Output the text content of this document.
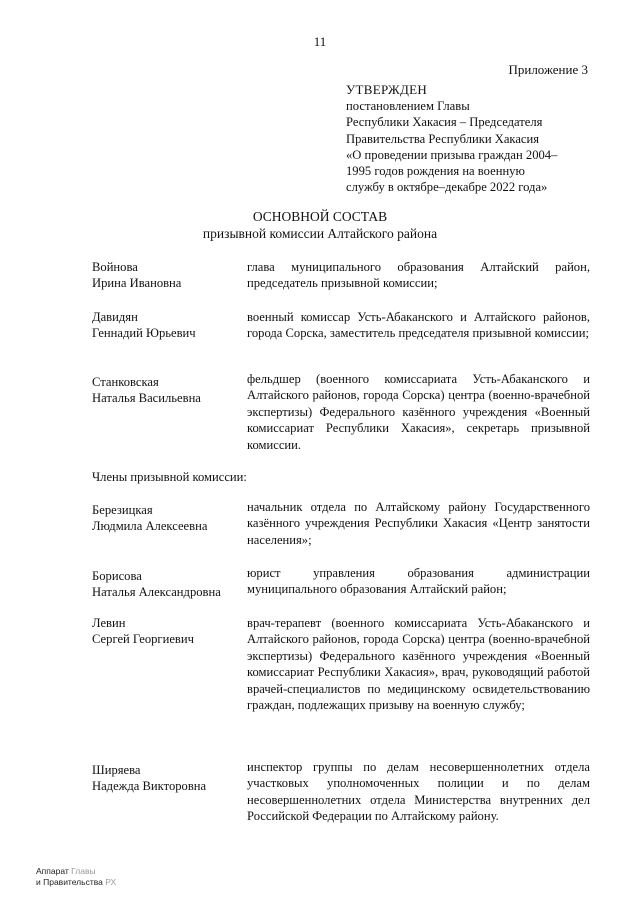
11
Приложение 3
УТВЕРЖДЕН
постановлением Главы
Республики Хакасия – Председателя
Правительства Республики Хакасия
«О проведении призыва граждан 2004–
1995 годов рождения на военную
службу в октябре–декабре 2022 года»
ОСНОВНОЙ СОСТАВ
призывной комиссии Алтайского района
Войнова
Ирина Ивановна
глава муниципального образования Алтайский район, председатель призывной комиссии;
Давидян
Геннадий Юрьевич
военный комиссар Усть-Абаканского и Алтайского районов, города Сорска, заместитель председателя призывной комиссии;
Станковская
Наталья Васильевна
фельдшер (военного комиссариата Усть-Абаканского и Алтайского районов, города Сорска) центра (военно-врачебной экспертизы) Федерального казённого учреждения «Военный комиссариат Республики Хакасия», секретарь призывной комиссии.
Члены призывной комиссии:
Березицкая
Людмила Алексеевна
начальник отдела по Алтайскому району Государственного казённого учреждения Республики Хакасия «Центр занятости населения»;
Борисова
Наталья Александровна
юрист управления образования администрации муниципального образования Алтайский район;
Левин
Сергей Георгиевич
врач-терапевт (военного комиссариата Усть-Абаканского и Алтайского районов, города Сорска) центра (военно-врачебной экспертизы) Федерального казённого учреждения «Военный комиссариат Республики Хакасия», врач, руководящий работой врачей-специалистов по медицинскому освидетельствованию граждан, подлежащих призыву на военную службу;
Ширяева
Надежда Викторовна
инспектор группы по делам несовершеннолетних отдела участковых уполномоченных полиции и по делам несовершеннолетних отдела Министерства внутренних дел Российской Федерации по Алтайскому району.
Аппарат Главы
и Правительства РХ
